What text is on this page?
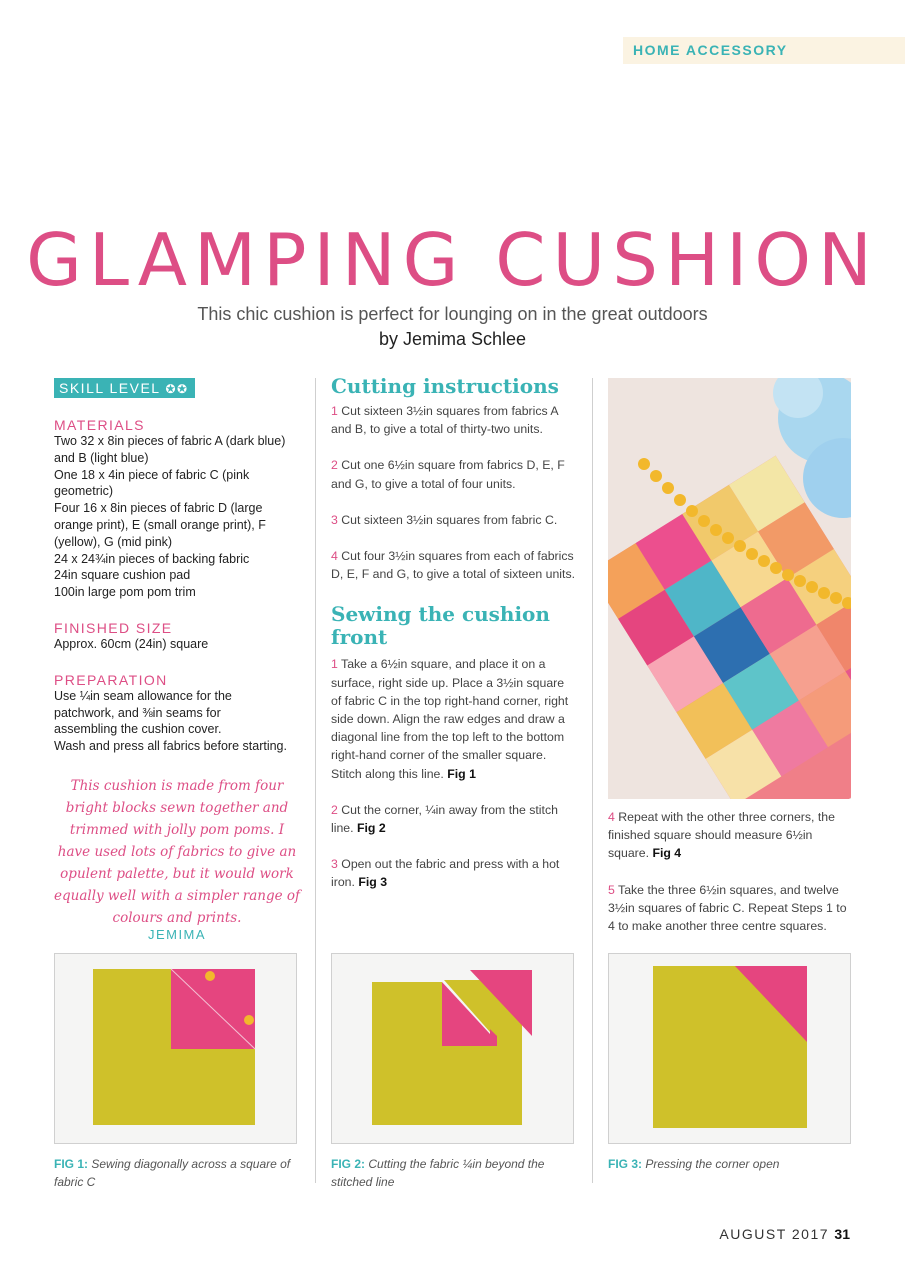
HOME ACCESSORY
GLAMPING CUSHION
This chic cushion is perfect for lounging on in the great outdoors
by Jemima Schlee
SKILL LEVEL ✪✪
MATERIALS

Two 32 x 8in pieces of fabric A (dark blue)

and B (light blue)

One 18 x 4in piece of fabric C (pink

geometric)

Four 16 x 8in pieces of fabric D (large

orange print), E (small orange print), F

(yellow), G (mid pink)

24 x 24¾in pieces of backing fabric

24in square cushion pad

100in large pom pom trim

FINISHED SIZE
Approx. 60cm (24in) square
PREPARATION

Use ¼in seam allowance for the

patchwork, and ⅜in seams for

assembling the cushion cover.

Wash and press all fabrics before starting.

This cushion is made from four
bright blocks sewn together and
trimmed with jolly pom poms. I
have used lots of fabrics to give an
opulent palette, but it would work
equally well with a simpler range of
colours and prints.
JEMIMA
Cutting instructions

1 Cut sixteen 3½in squares from fabrics A and B, to give a total of thirty-two units.

2 Cut one 6½in square from fabrics D, E, F and G, to give a total of four units.

3 Cut sixteen 3½in squares from fabric C.

4 Cut four 3½in squares from each of fabrics D, E, F and G, to give a total of sixteen units.

Sewing the cushion
front

1 Take a 6½in square, and place it on a surface, right side up. Place a 3½in square of fabric C in the top right-hand corner, right side down. Align the raw edges and draw a diagonal line from the top left to the bottom right-hand corner of the smaller square. Stitch along this line. Fig 1

2 Cut the corner, ¼in away from the stitch line. Fig 2

3 Open out the fabric and press with a hot iron. Fig 3

4 Repeat with the other three corners, the finished square should measure 6½in square. Fig 4

5 Take the three 6½in squares, and twelve 3½in squares of fabric C. Repeat Steps 1 to 4 to make another three centre squares.

FIG 1: Sewing diagonally across a square of fabric C
FIG 2: Cutting the fabric ¼in beyond the stitched line
FIG 3: Pressing the corner open
AUGUST 2017 31
